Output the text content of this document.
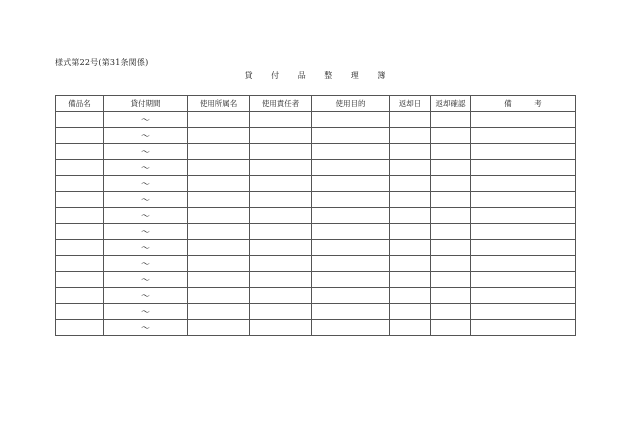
様式第22号(第31条関係)
貸 付 品 整 理 簿
備品名	貸付期間	使用所属名	使用責任者	使用目的	返却日	返却確認	備　　　考
	〜						
	〜						
	〜						
	〜						
	〜						
	〜						
	〜						
	〜						
	〜						
	〜						
	〜						
	〜						
	〜						
	〜						
